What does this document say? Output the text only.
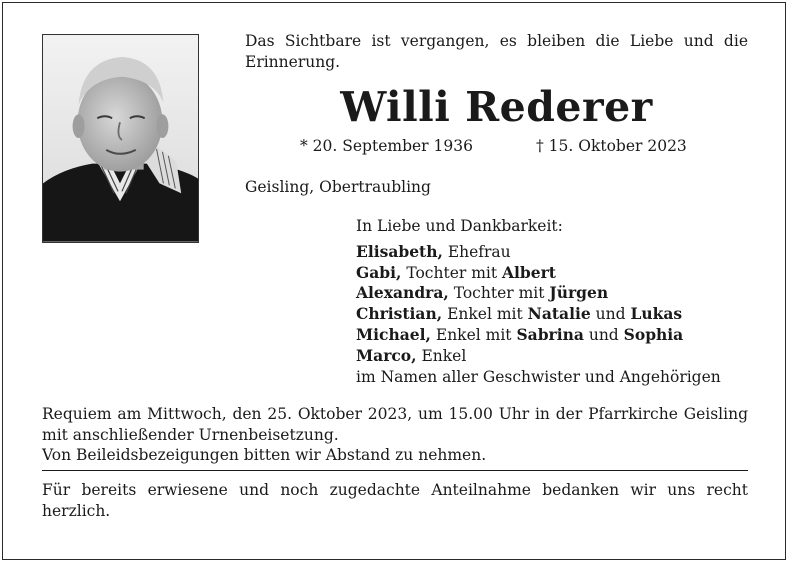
Das Sichtbare ist vergangen, es bleiben die Liebe und die Erinnerung.
Willi Rederer
* 20. September 1936	† 15. Oktober 2023
Geisling, Obertraubling
In Liebe und Dankbarkeit:
Elisabeth, Ehefrau
Gabi, Tochter mit Albert
Alexandra, Tochter mit Jürgen
Christian, Enkel mit Natalie und Lukas
Michael, Enkel mit Sabrina und Sophia
Marco, Enkel
im Namen aller Geschwister und Angehörigen
Requiem am Mittwoch, den 25. Oktober 2023, um 15.00 Uhr in der Pfarrkirche Geisling mit anschließender Urnenbeisetzung.
Von Beileidsbezeigungen bitten wir Abstand zu nehmen.
Für bereits erwiesene und noch zugedachte Anteilnahme bedanken wir uns recht herzlich.
